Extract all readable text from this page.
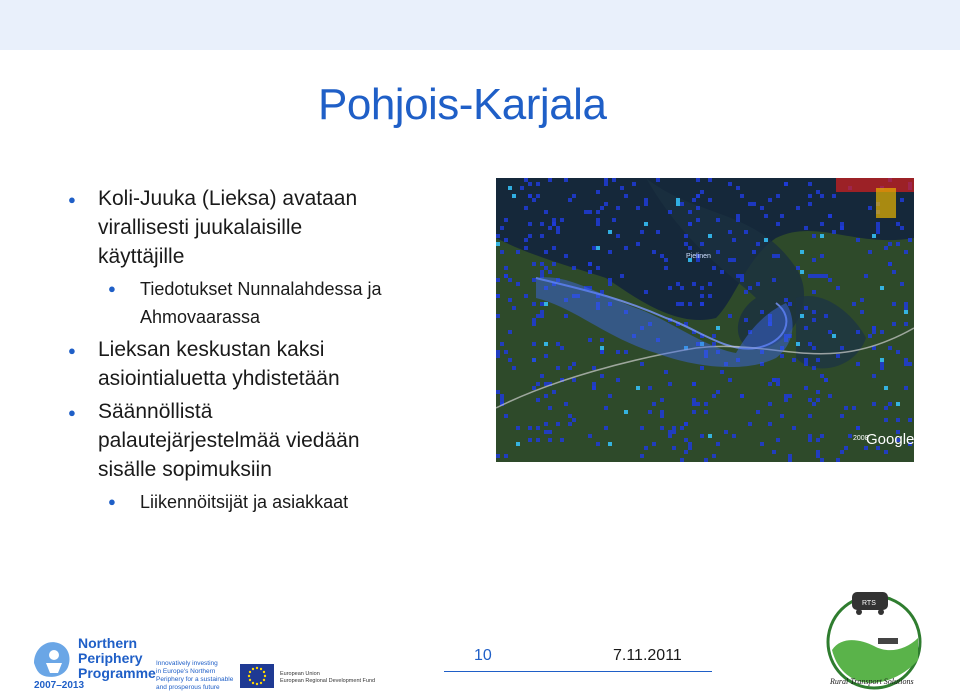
Pohjois-Karjala
● Koli-Juuka (Lieksa) avataan
virallisesti juukalaisille
käyttäjille
● Tiedotukset Nunnalahdessa ja
Ahmovaarassa
● Lieksan keskustan kaksi
asiointialuetta yhdistetään
● Säännöllistä
palautejärjestelmää viedään
sisälle sopimuksiin
● Liikennöitsijät ja asiakkaat
Pielinen
2008
Google
10	7.11.2011
Northern
Periphery
Programme
2007–2013
Innovatively investing
in Europe's Northern
Periphery for a sustainable
and prosperous future
European Union
European Regional Development Fund
RTS
Rural Transport Solutions
